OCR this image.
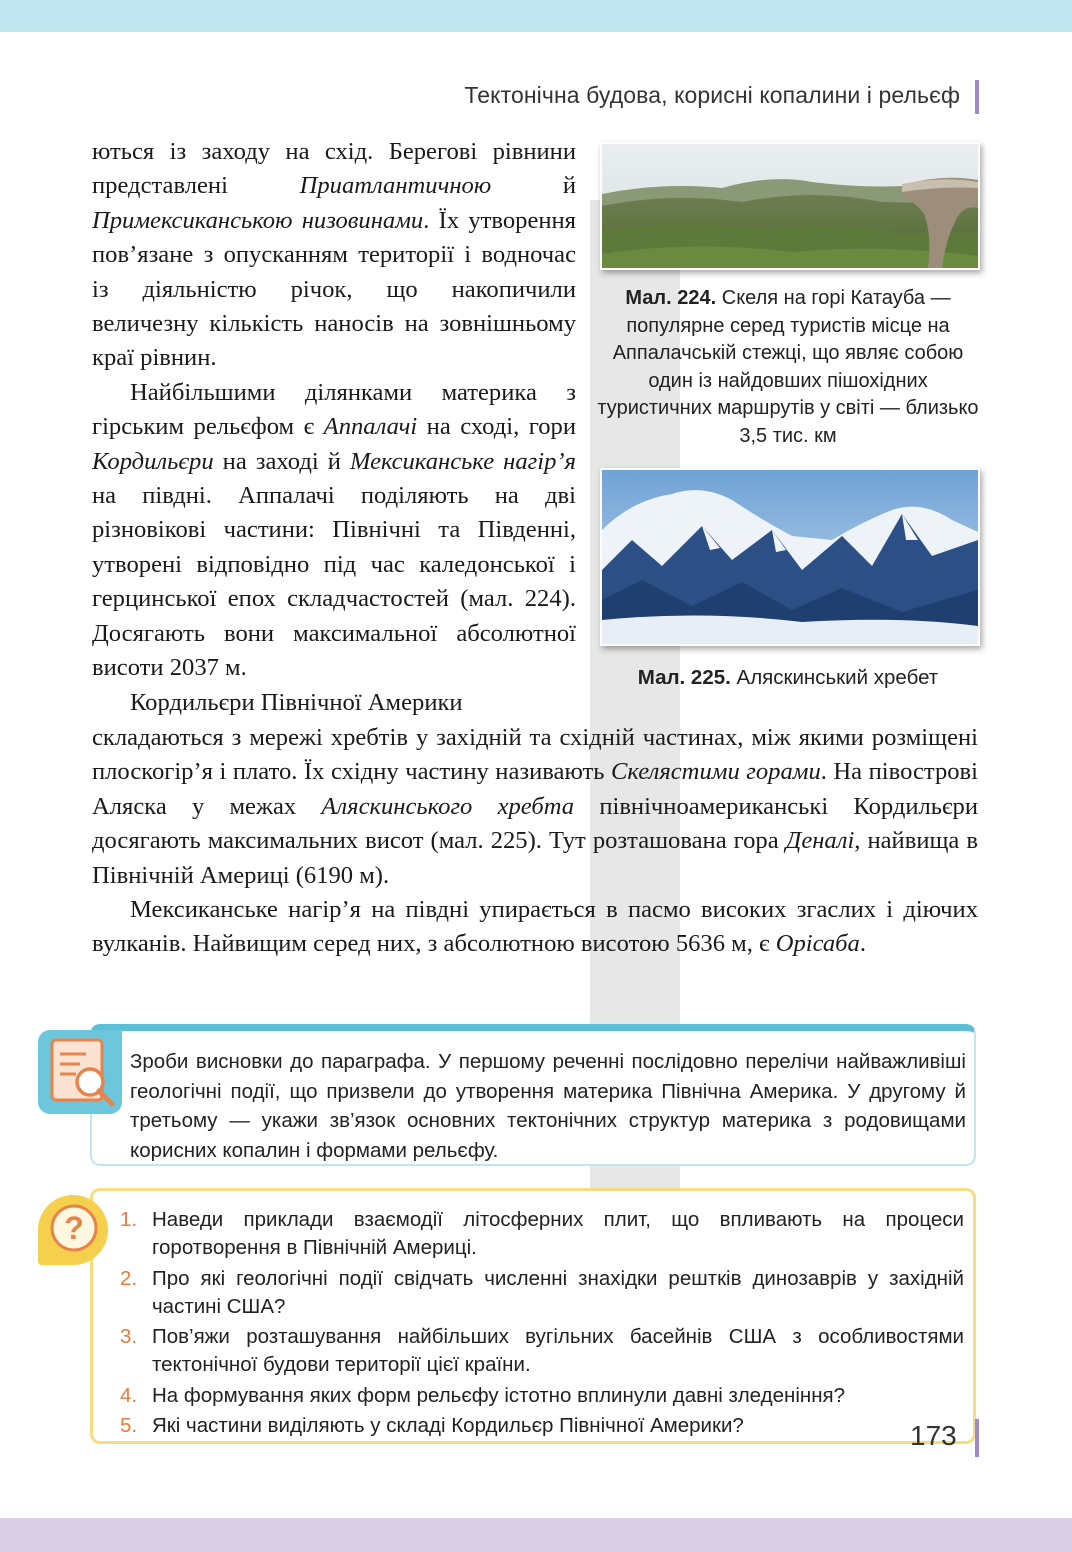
Тектонічна будова, корисні копалини і рельєф

ються із заходу на схід. Берегові рівнини представлені Приатлантичною й Примексиканською низовинами. Їх утворення пов’язане з опусканням території і водночас із діяльністю річок, що накопичили величезну кількість наносів на зовнішньому краї рівнин.

Найбільшими ділянками материка з гірським рельєфом є Аппалачі на сході, гори Кордильєри на заході й Мексиканське нагір’я на півдні. Аппалачі поділяють на дві різновікові частини: Північні та Південні, утворені відповідно під час каледонської і герцинської епох складчастостей (мал. 224). Досягають вони максимальної абсолютної висоти 2037 м.

Кордильєри Північної Америки

складаються з мережі хребтів у західній та східній частинах, між якими розміщені плоскогір’я і плато. Їх східну частину називають Скелястими горами. На півострові Аляска у межах Аляскинського хребта північноамериканські Кордильєри досягають максимальних висот (мал. 225). Тут розташована гора Деналі, найвища в Північній Америці (6190 м).

Мексиканське нагір’я на півдні упирається в пасмо високих згаслих і діючих вулканів. Найвищим серед них, з абсолютною висотою 5636 м, є Орісаба.

Мал. 224. Скеля на горі Катауба — популярне серед туристів місце на Аппалачській стежці, що являє собою один із найдовших пішохідних туристичних маршрутів у світі — близько 3,5 тис. км
Мал. 225. Аляскинський хребет
Зроби висновки до параграфа. У першому реченні послідовно перелічи найважливіші геологічні події, що призвели до утворення материка Північна Америка. У другому й третьому — укажи зв’язок основних тектонічних структур материка з родовищами корисних копалин і формами рельєфу.
? 1. Наведи приклади взаємодії літосферних плит, що впливають на процеси горотворення в Північній Америці.
2. Про які геологічні події свідчать численні знахідки рештків динозаврів у західній частині США?
3. Пов’яжи розташування найбільших вугільних басейнів США з особливостями тектонічної будови території цієї країни.
4. На формування яких форм рельєфу істотно вплинули давні зледеніння?
5. Які частини виділяють у складі Кордильєр Північної Америки?	173
